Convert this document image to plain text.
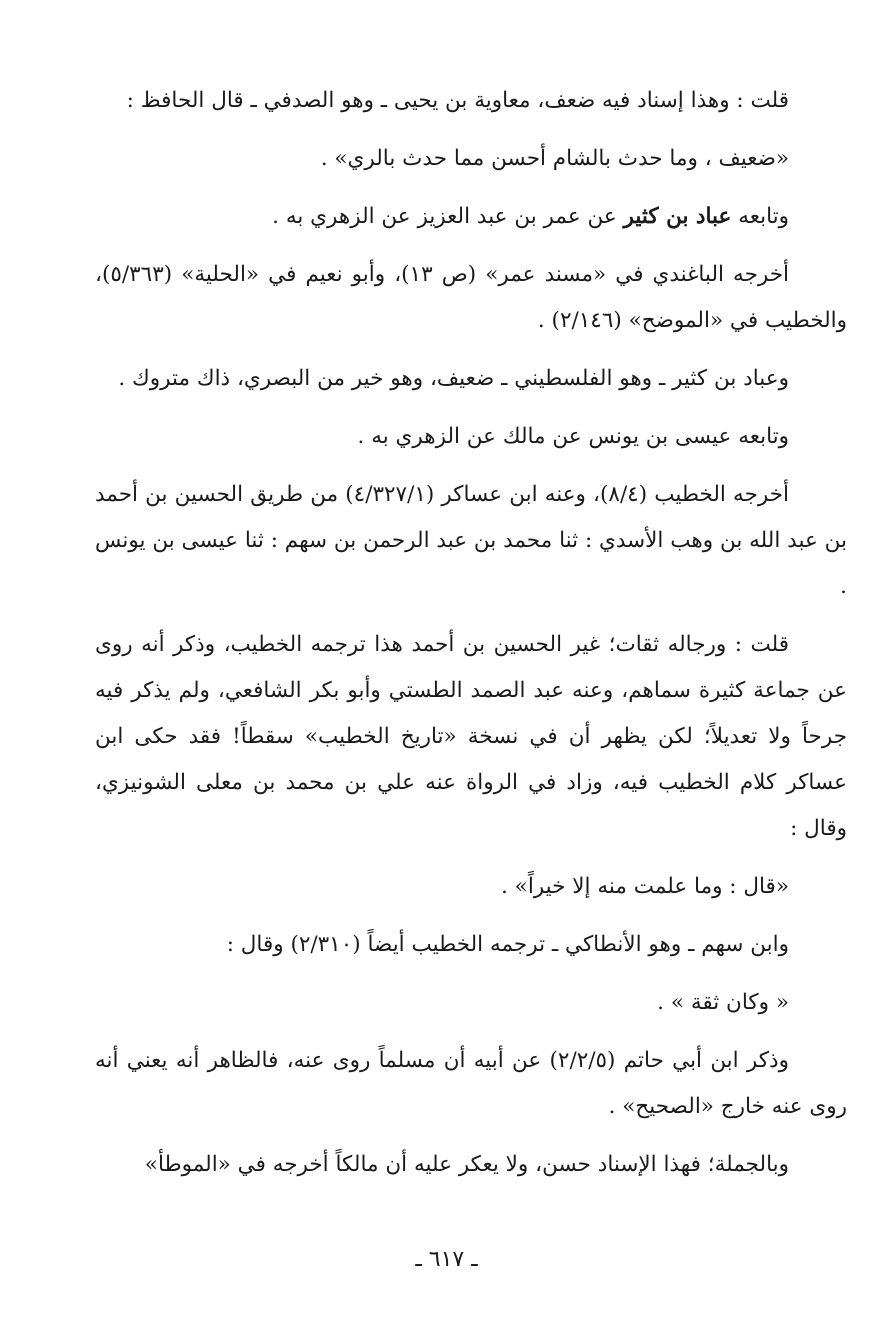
قلت : وهذا إسناد فيه ضعف، معاوية بن يحيى ـ وهو الصدفي ـ قال الحافظ :

«ضعيف ، وما حدث بالشام أحسن مما حدث بالري» .

وتابعه عباد بن كثير عن عمر بن عبد العزيز عن الزهري به .

أخرجه الباغندي في «مسند عمر» (ص ١٣)، وأبو نعيم في «الحلية» (٥/٣٦٣)، والخطيب في «الموضح» (٢/١٤٦) .

وعباد بن كثير ـ وهو الفلسطيني ـ ضعيف، وهو خير من البصري، ذاك متروك .

وتابعه عيسى بن يونس عن مالك عن الزهري به .

أخرجه الخطيب (٨/٤)، وعنه ابن عساكر (٤/٣٢٧/١) من طريق الحسين بن أحمد بن عبد الله بن وهب الأسدي : ثنا محمد بن عبد الرحمن بن سهم : ثنا عيسى بن يونس .

قلت : ورجاله ثقات؛ غير الحسين بن أحمد هذا ترجمه الخطيب، وذكر أنه روى عن جماعة كثيرة سماهم، وعنه عبد الصمد الطستي وأبو بكر الشافعي، ولم يذكر فيه جرحاً ولا تعديلاً؛ لكن يظهر أن في نسخة «تاريخ الخطيب» سقطاً! فقد حكى ابن عساكر كلام الخطيب فيه، وزاد في الرواة عنه علي بن محمد بن معلى الشونيزي، وقال :

«قال : وما علمت منه إلا خيراً» .

وابن سهم ـ وهو الأنطاكي ـ ترجمه الخطيب أيضاً (٢/٣١٠) وقال :

« وكان ثقة » .

وذكر ابن أبي حاتم (٢/٢/٥) عن أبيه أن مسلماً روى عنه، فالظاهر أنه يعني أنه روى عنه خارج «الصحيح» .

وبالجملة؛ فهذا الإسناد حسن، ولا يعكر عليه أن مالكاً أخرجه في «الموطأ»

ـ ٦١٧ ـ
